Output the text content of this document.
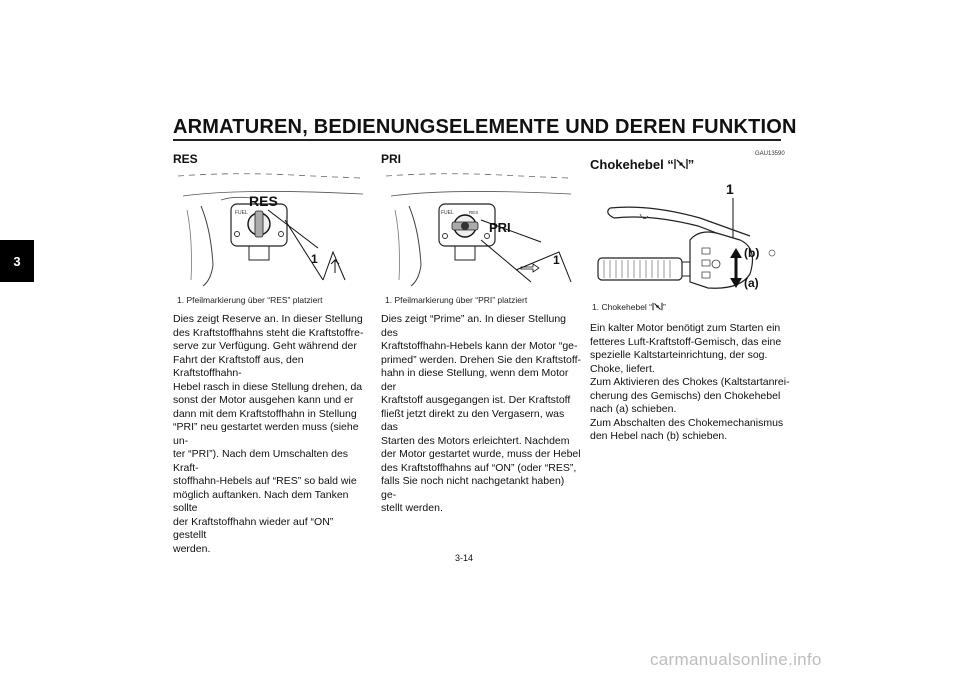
ARMATUREN, BEDIENUNGSELEMENTE UND DEREN FUNKTION
3
RES
FUEL
RES
1
1. Pfeilmarkierung über “RES” platziert
Dies zeigt Reserve an. In dieser Stellung
des Kraftstoffhahns steht die Kraftstoffre-
serve zur Verfügung. Geht während der
Fahrt der Kraftstoff aus, den Kraftstoffhahn-
Hebel rasch in diese Stellung drehen, da
sonst der Motor ausgehen kann und er
dann mit dem Kraftstoffhahn in Stellung
“PRI” neu gestartet werden muss (siehe un-
ter “PRI”). Nach dem Umschalten des Kraft-
stoffhahn-Hebels auf “RES” so bald wie
möglich auftanken. Nach dem Tanken sollte
der Kraftstoffhahn wieder auf “ON” gestellt
werden.
PRI
FUEL	RES
PRI
1
1. Pfeilmarkierung über “PRI” platziert
Dies zeigt “Prime” an. In dieser Stellung des
Kraftstoffhahn-Hebels kann der Motor “ge-
primed” werden. Drehen Sie den Kraftstoff-
hahn in diese Stellung, wenn dem Motor der
Kraftstoff ausgegangen ist. Der Kraftstoff
fließt jetzt direkt zu den Vergasern, was das
Starten des Motors erleichtert. Nachdem
der Motor gestartet wurde, muss der Hebel
des Kraftstoffhahns auf “ON” (oder “RES”,
falls Sie noch nicht nachgetankt haben) ge-
stellt werden.
GAU13590
Chokehebel “ ”
1
(b)
(a)
1. Chokehebel “ ”
Ein kalter Motor benötigt zum Starten ein
fetteres Luft-Kraftstoff-Gemisch, das eine
spezielle Kaltstarteinrichtung, der sog.
Choke, liefert.
Zum Aktivieren des Chokes (Kaltstartanrei-
cherung des Gemischs) den Chokehebel
nach (a) schieben.
Zum Abschalten des Chokemechanismus
den Hebel nach (b) schieben.
3-14
carmanualsonline.info
